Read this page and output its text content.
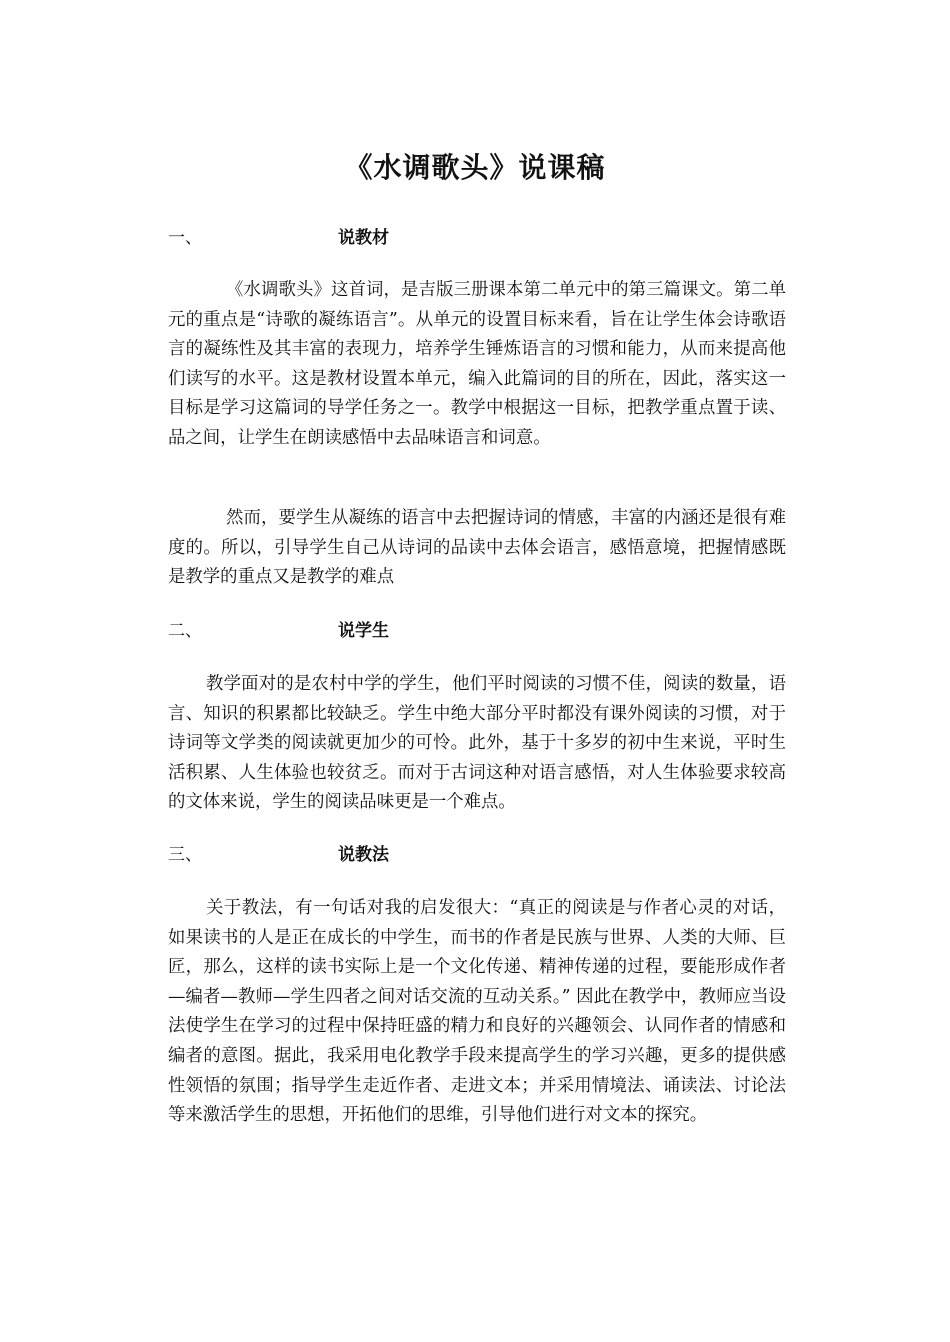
《水调歌头》说课稿
一、	说教材

《水调歌头》这首词，是吉版三册课本第二单元中的第三篇课文。第二单元的重点是“诗歌的凝练语言”。从单元的设置目标来看，旨在让学生体会诗歌语言的凝练性及其丰富的表现力，培养学生锤炼语言的习惯和能力，从而来提高他们读写的水平。这是教材设置本单元，编入此篇词的目的所在，因此，落实这一目标是学习这篇词的导学任务之一。教学中根据这一目标，把教学重点置于读、品之间，让学生在朗读感悟中去品味语言和词意。

然而，要学生从凝练的语言中去把握诗词的情感，丰富的内涵还是很有难度的。所以，引导学生自己从诗词的品读中去体会语言，感悟意境，把握情感既是教学的重点又是教学的难点

二、	说学生

教学面对的是农村中学的学生，他们平时阅读的习惯不佳，阅读的数量，语言、知识的积累都比较缺乏。学生中绝大部分平时都没有课外阅读的习惯，对于诗词等文学类的阅读就更加少的可怜。此外，基于十多岁的初中生来说，平时生活积累、人生体验也较贫乏。而对于古词这种对语言感悟，对人生体验要求较高的文体来说，学生的阅读品味更是一个难点。

三、	说教法

关于教法，有一句话对我的启发很大：“真正的阅读是与作者心灵的对话，如果读书的人是正在成长的中学生，而书的作者是民族与世界、人类的大师、巨匠，那么，这样的读书实际上是一个文化传递、精神传递的过程，要能形成作者—编者—教师—学生四者之间对话交流的互动关系。” 因此在教学中，教师应当设法使学生在学习的过程中保持旺盛的精力和良好的兴趣领会、认同作者的情感和编者的意图。据此，我采用电化教学手段来提高学生的学习兴趣，更多的提供感性领悟的氛围；指导学生走近作者、走进文本；并采用情境法、诵读法、讨论法等来激活学生的思想，开拓他们的思维，引导他们进行对文本的探究。
